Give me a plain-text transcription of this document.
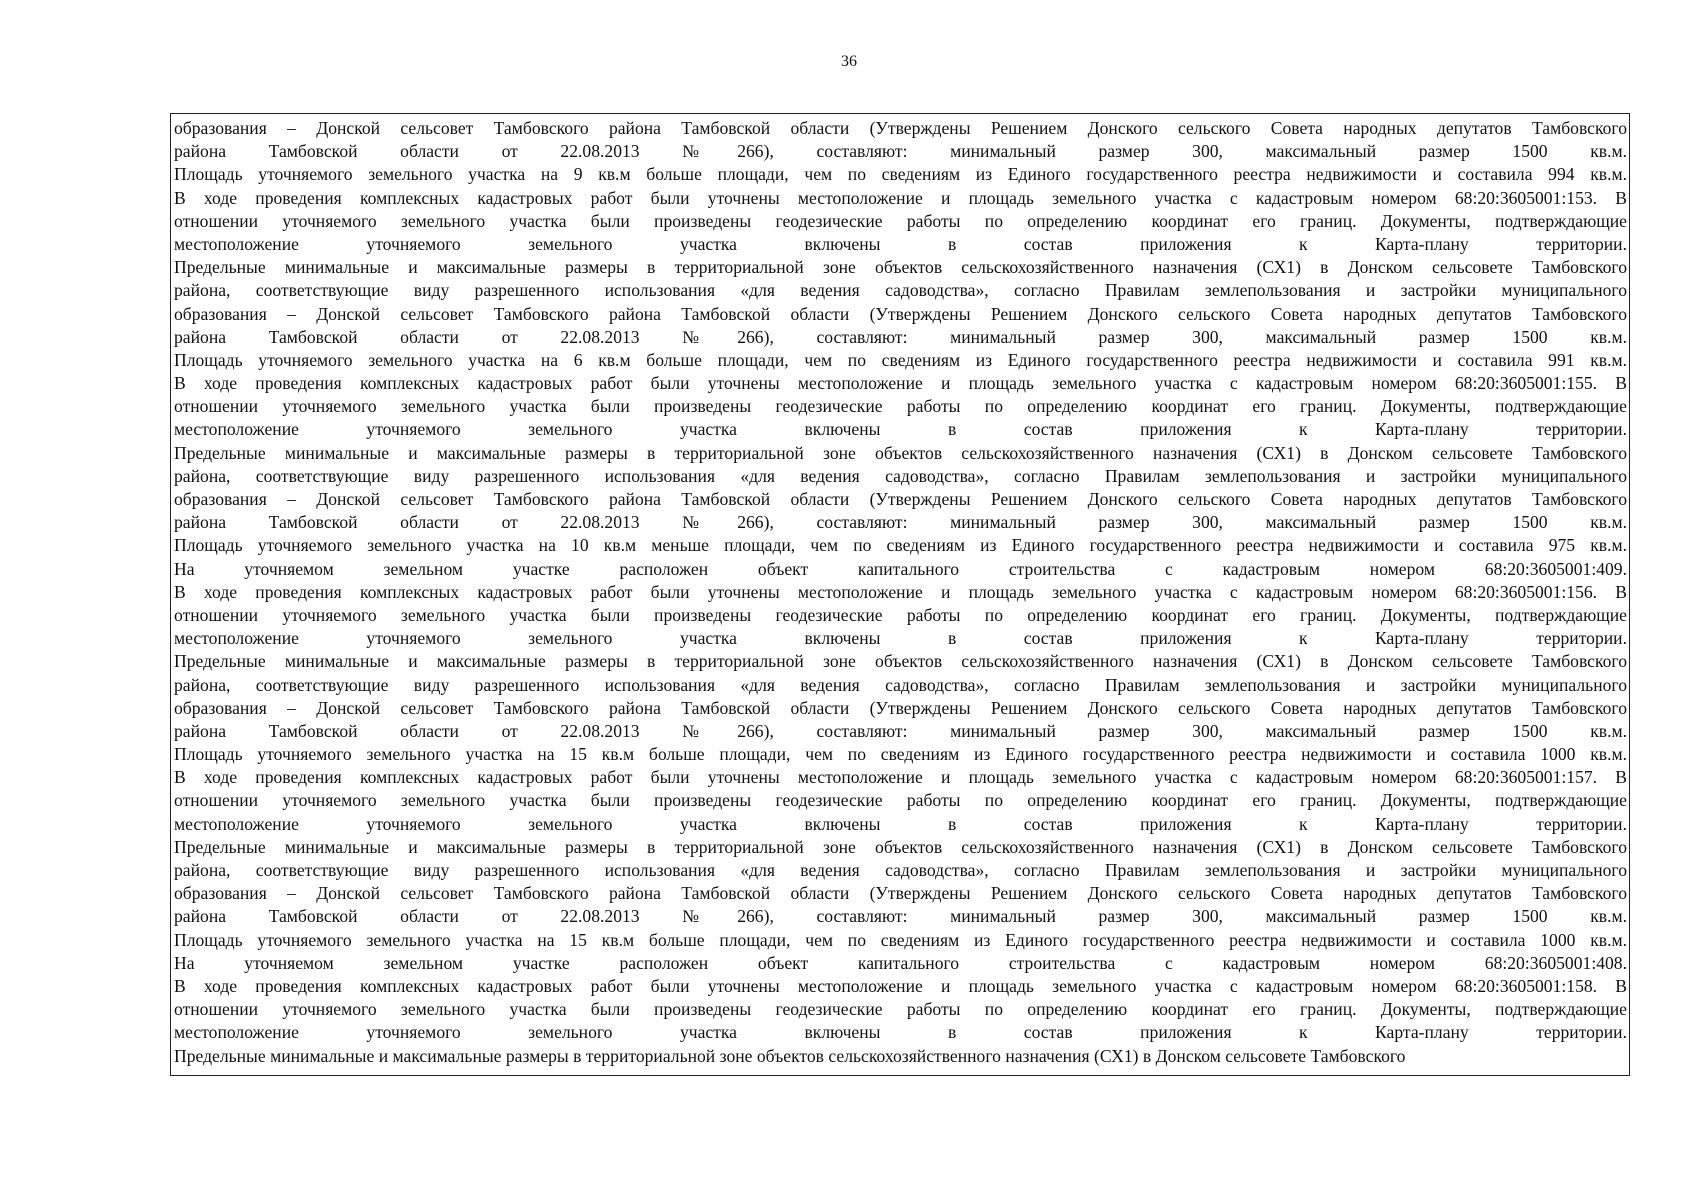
36
образования – Донской сельсовет Тамбовского района Тамбовской области (Утверждены Решением Донского сельского Совета народных депутатов Тамбовского
района Тамбовской области от 22.08.2013 №266), составляют: минимальный размер 300, максимальный размер 1500 кв.м.
Площадь уточняемого земельного участка на 9 кв.м больше площади, чем по сведениям из Единого государственного реестра недвижимости и составила 994 кв.м.
В ходе проведения комплексных кадастровых работ были уточнены местоположение и площадь земельного участка с кадастровым номером 68:20:3605001:153. В
отношении уточняемого земельного участка были произведены геодезические работы по определению координат его границ. Документы, подтверждающие
местоположение уточняемого земельного участка включены в состав приложения к Карта-плану территории.
Предельные минимальные и максимальные размеры в территориальной зоне объектов сельскохозяйственного назначения (СХ1) в Донском сельсовете Тамбовского
района, соответствующие виду разрешенного использования «для ведения садоводства», согласно Правилам землепользования и застройки муниципального
образования – Донской сельсовет Тамбовского района Тамбовской области (Утверждены Решением Донского сельского Совета народных депутатов Тамбовского
района Тамбовской области от 22.08.2013 №266), составляют: минимальный размер 300, максимальный размер 1500 кв.м.
Площадь уточняемого земельного участка на 6 кв.м больше площади, чем по сведениям из Единого государственного реестра недвижимости и составила 991 кв.м.
В ходе проведения комплексных кадастровых работ были уточнены местоположение и площадь земельного участка с кадастровым номером 68:20:3605001:155. В
отношении уточняемого земельного участка были произведены геодезические работы по определению координат его границ. Документы, подтверждающие
местоположение уточняемого земельного участка включены в состав приложения к Карта-плану территории.
Предельные минимальные и максимальные размеры в территориальной зоне объектов сельскохозяйственного назначения (СХ1) в Донском сельсовете Тамбовского
района, соответствующие виду разрешенного использования «для ведения садоводства», согласно Правилам землепользования и застройки муниципального
образования – Донской сельсовет Тамбовского района Тамбовской области (Утверждены Решением Донского сельского Совета народных депутатов Тамбовского
района Тамбовской области от 22.08.2013 №266), составляют: минимальный размер 300, максимальный размер 1500 кв.м.
Площадь уточняемого земельного участка на 10 кв.м меньше площади, чем по сведениям из Единого государственного реестра недвижимости и составила 975 кв.м.
На уточняемом земельном участке расположен объект капитального строительства с кадастровым номером 68:20:3605001:409.
В ходе проведения комплексных кадастровых работ были уточнены местоположение и площадь земельного участка с кадастровым номером 68:20:3605001:156. В
отношении уточняемого земельного участка были произведены геодезические работы по определению координат его границ. Документы, подтверждающие
местоположение уточняемого земельного участка включены в состав приложения к Карта-плану территории.
Предельные минимальные и максимальные размеры в территориальной зоне объектов сельскохозяйственного назначения (СХ1) в Донском сельсовете Тамбовского
района, соответствующие виду разрешенного использования «для ведения садоводства», согласно Правилам землепользования и застройки муниципального
образования – Донской сельсовет Тамбовского района Тамбовской области (Утверждены Решением Донского сельского Совета народных депутатов Тамбовского
района Тамбовской области от 22.08.2013 №266), составляют: минимальный размер 300, максимальный размер 1500 кв.м.
Площадь уточняемого земельного участка на 15 кв.м больше площади, чем по сведениям из Единого государственного реестра недвижимости и составила 1000 кв.м.
В ходе проведения комплексных кадастровых работ были уточнены местоположение и площадь земельного участка с кадастровым номером 68:20:3605001:157. В
отношении уточняемого земельного участка были произведены геодезические работы по определению координат его границ. Документы, подтверждающие
местоположение уточняемого земельного участка включены в состав приложения к Карта-плану территории.
Предельные минимальные и максимальные размеры в территориальной зоне объектов сельскохозяйственного назначения (СХ1) в Донском сельсовете Тамбовского
района, соответствующие виду разрешенного использования «для ведения садоводства», согласно Правилам землепользования и застройки муниципального
образования – Донской сельсовет Тамбовского района Тамбовской области (Утверждены Решением Донского сельского Совета народных депутатов Тамбовского
района Тамбовской области от 22.08.2013 №266), составляют: минимальный размер 300, максимальный размер 1500 кв.м.
Площадь уточняемого земельного участка на 15 кв.м больше площади, чем по сведениям из Единого государственного реестра недвижимости и составила 1000 кв.м.
На уточняемом земельном участке расположен объект капитального строительства с кадастровым номером 68:20:3605001:408.
В ходе проведения комплексных кадастровых работ были уточнены местоположение и площадь земельного участка с кадастровым номером 68:20:3605001:158. В
отношении уточняемого земельного участка были произведены геодезические работы по определению координат его границ. Документы, подтверждающие
местоположение уточняемого земельного участка включены в состав приложения к Карта-плану территории.
Предельные минимальные и максимальные размеры в территориальной зоне объектов сельскохозяйственного назначения (СХ1) в Донском сельсовете Тамбовского
